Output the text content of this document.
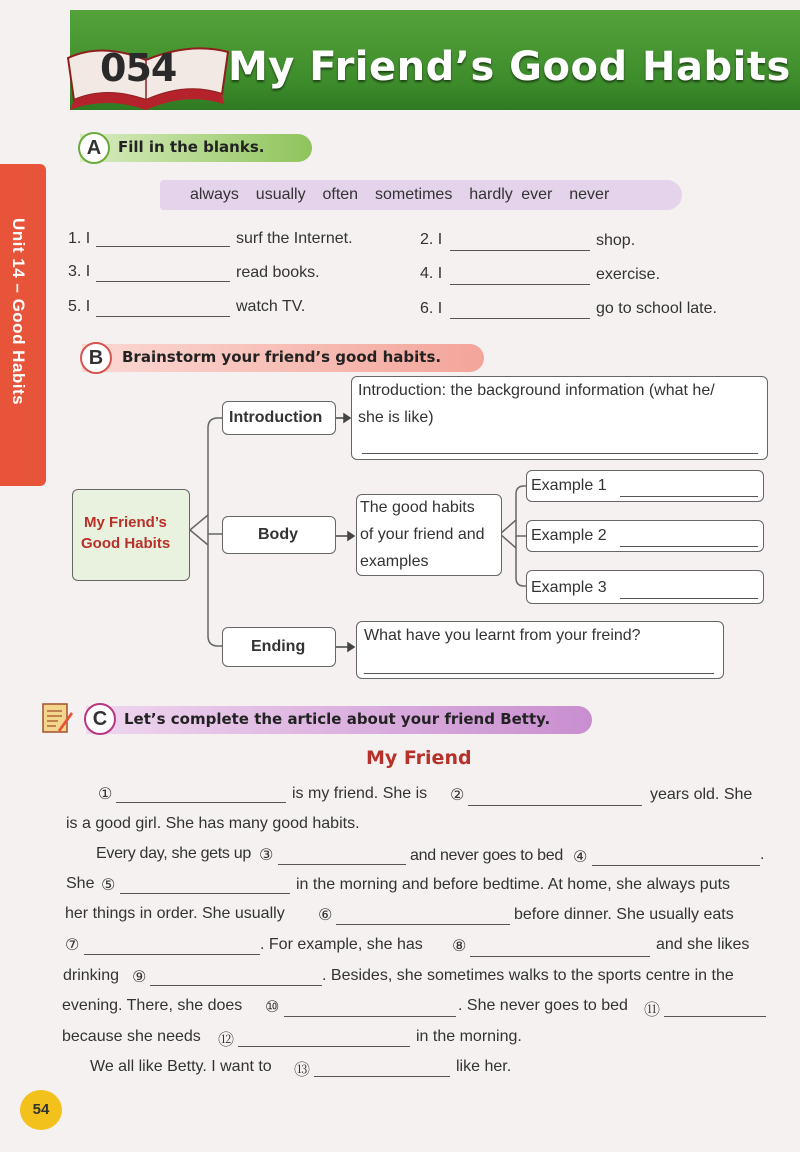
054 My Friend’s Good Habits
Unit 14 – Good Habits
A	Fill in the blanks.
always  usually  often  sometimes  hardly ever  never
1. I	surf the Internet.	2. I	shop.
3. I	read books.	4. I	exercise.
5. I	watch TV.	6. I	go to school late.
B	Brainstorm your friend’s good habits.
My Friend’s
Good Habits
Introduction
Body
Ending
Introduction: the background information (what he/
she is like)
The good habits
of your friend and
examples
Example 1
Example 2
Example 3
What have you learnt from your freind?
C	Let’s complete the article about your friend Betty.
My Friend
①	is my friend. She is ②	years old. She
is a good girl. She has many good habits.
Every day, she gets up ③	and never goes to bed ④	.
She ⑤	in the morning and before bedtime. At home, she always puts
her things in order. She usually ⑥	before dinner. She usually eats
⑦	. For example, she has ⑧	and she likes
drinking ⑨	. Besides, she sometimes walks to the sports centre in the
evening. There, she does ⑩	. She never goes to bed ⑪
because she needs ⑫	in the morning.
We all like Betty. I want to ⑬	like her.
54
